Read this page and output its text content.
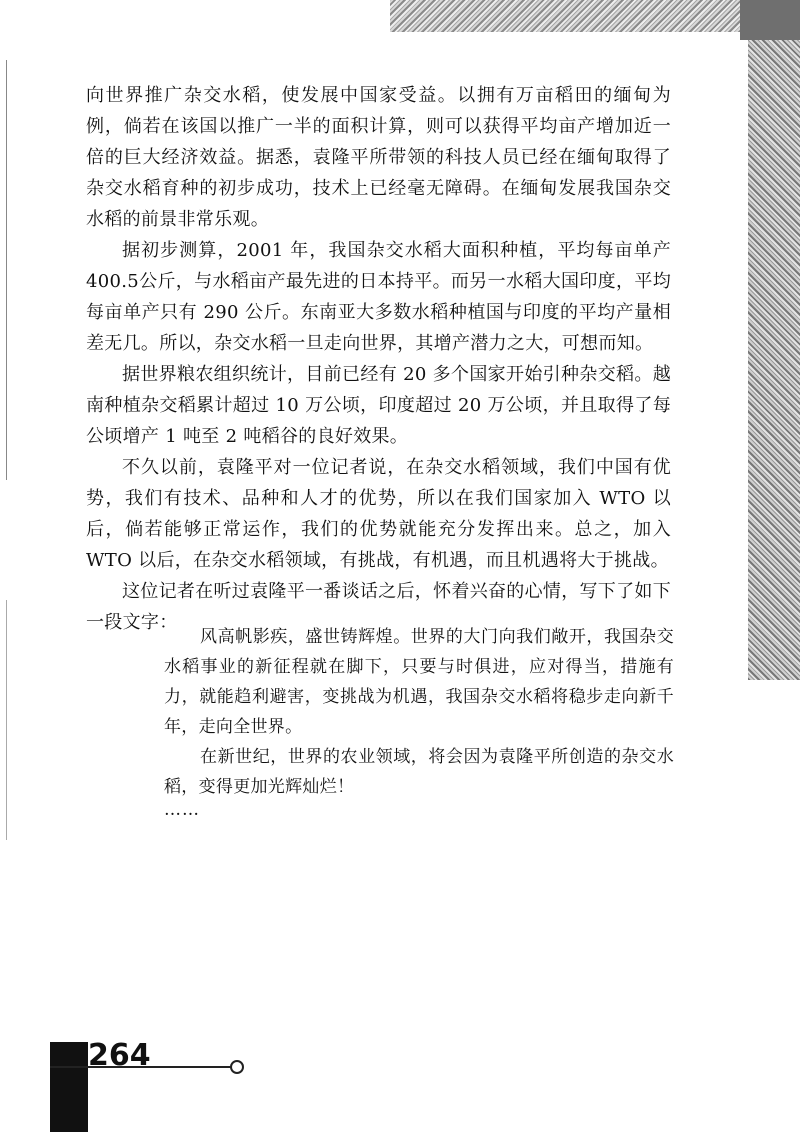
向世界推广杂交水稻，使发展中国家受益。以拥有万亩稻田的缅甸为例，倘若在该国以推广一半的面积计算，则可以获得平均亩产增加近一倍的巨大经济效益。据悉，袁隆平所带领的科技人员已经在缅甸取得了杂交水稻育种的初步成功，技术上已经毫无障碍。在缅甸发展我国杂交水稻的前景非常乐观。

据初步测算，2001 年，我国杂交水稻大面积种植，平均每亩单产 400.5公斤，与水稻亩产最先进的日本持平。而另一水稻大国印度，平均每亩单产只有 290 公斤。东南亚大多数水稻种植国与印度的平均产量相差无几。所以，杂交水稻一旦走向世界，其增产潜力之大，可想而知。

据世界粮农组织统计，目前已经有 20 多个国家开始引种杂交稻。越南种植杂交稻累计超过 10 万公顷，印度超过 20 万公顷，并且取得了每公顷增产 1 吨至 2 吨稻谷的良好效果。

不久以前，袁隆平对一位记者说，在杂交水稻领域，我们中国有优势，我们有技术、品种和人才的优势，所以在我们国家加入 WTO 以后，倘若能够正常运作，我们的优势就能充分发挥出来。总之，加入 WTO 以后，在杂交水稻领域，有挑战，有机遇，而且机遇将大于挑战。

这位记者在听过袁隆平一番谈话之后，怀着兴奋的心情，写下了如下一段文字：

风高帆影疾，盛世铸辉煌。世界的大门向我们敞开，我国杂交水稻事业的新征程就在脚下，只要与时俱进，应对得当，措施有力，就能趋利避害，变挑战为机遇，我国杂交水稻将稳步走向新千年，走向全世界。

在新世纪，世界的农业领域，将会因为袁隆平所创造的杂交水稻，变得更加光辉灿烂！

……
264
